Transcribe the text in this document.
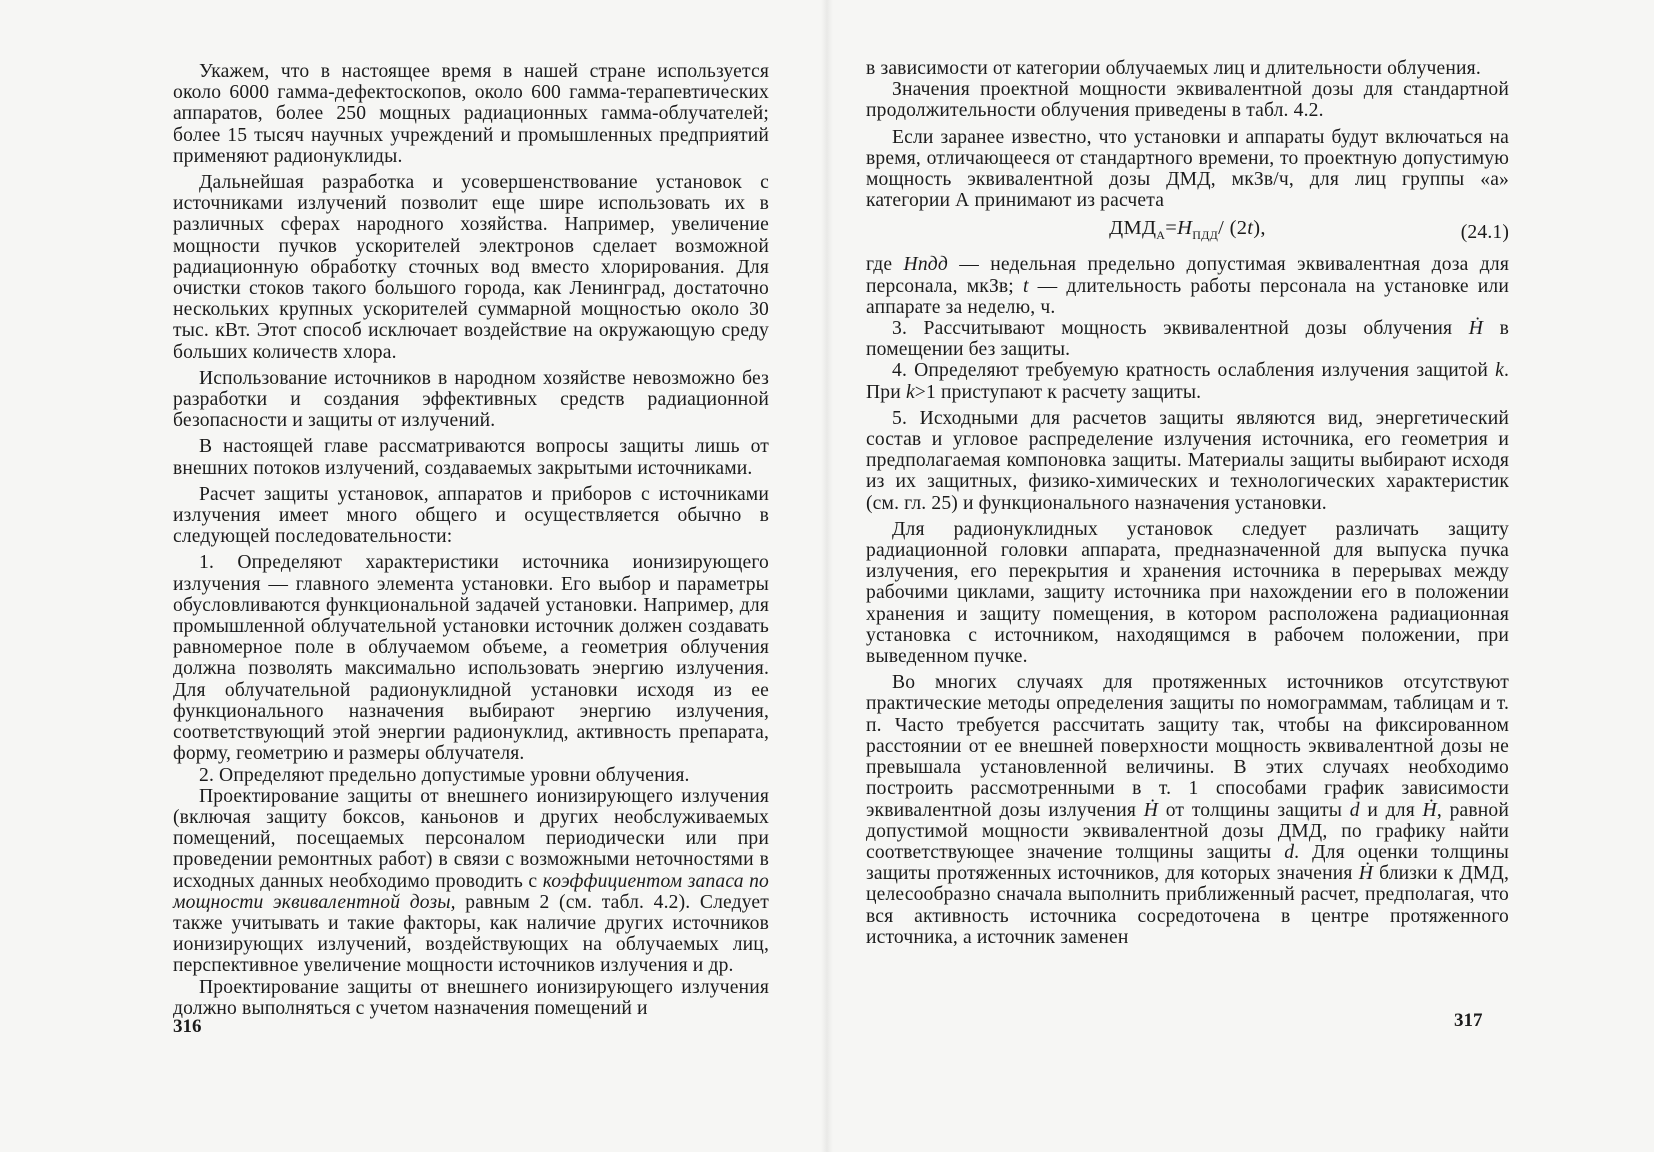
Укажем, что в настоящее время в нашей стране используется около 6000 гамма-дефектоскопов, около 600 гамма-терапевтических аппаратов, более 250 мощных радиационных гамма-облучателей; более 15 тысяч научных учреждений и промышленных предприятий применяют радионуклиды.

Дальнейшая разработка и усовершенствование установок с источниками излучений позволит еще шире использовать их в различных сферах народного хозяйства. Например, увеличение мощности пучков ускорителей электронов сделает возможной радиационную обработку сточных вод вместо хлорирования. Для очистки стоков такого большого города, как Ленинград, достаточно нескольких крупных ускорителей суммарной мощностью около 30 тыс. кВт. Этот способ исключает воздействие на окружающую среду больших количеств хлора.

Использование источников в народном хозяйстве невозможно без разработки и создания эффективных средств радиационной безопасности и защиты от излучений.

В настоящей главе рассматриваются вопросы защиты лишь от внешних потоков излучений, создаваемых закрытыми источниками.

Расчет защиты установок, аппаратов и приборов с источниками излучения имеет много общего и осуществляется обычно в следующей последовательности:

1. Определяют характеристики источника ионизирующего излучения — главного элемента установки. Его выбор и параметры обусловливаются функциональной задачей установки. Например, для промышленной облучательной установки источник должен создавать равномерное поле в облучаемом объеме, а геометрия облучения должна позволять максимально использовать энергию излучения. Для облучательной радионуклидной установки исходя из ее функционального назначения выбирают энергию излучения, соответствующий этой энергии радионуклид, активность препарата, форму, геометрию и размеры облучателя.

2. Определяют предельно допустимые уровни облучения.

Проектирование защиты от внешнего ионизирующего излучения (включая защиту боксов, каньонов и других необслуживаемых помещений, посещаемых персоналом периодически или при проведении ремонтных работ) в связи с возможными неточностями в исходных данных необходимо проводить с коэффициентом запаса по мощности эквивалентной дозы, равным 2 (см. табл. 4.2). Следует также учитывать и такие факторы, как наличие других источников ионизирующих излучений, воздействующих на облучаемых лиц, перспективное увеличение мощности источников излучения и др.

Проектирование защиты от внешнего ионизирующего излучения должно выполняться с учетом назначения помещений и

316

в зависимости от категории облучаемых лиц и длительности облучения.

Значения проектной мощности эквивалентной дозы для стандартной продолжительности облучения приведены в табл. 4.2.

Если заранее известно, что установки и аппараты будут включаться на время, отличающееся от стандартного времени, то проектную допустимую мощность эквивалентной дозы ДМД, мкЗв/ч, для лиц группы «а» категории А принимают из расчета

$ДМД_A=H_{ПДД}/$ (2t),	(24.1)

где Hпдд — недельная предельно допустимая эквивалентная доза для персонала, мкЗв; t — длительность работы персонала на установке или аппарате за неделю, ч.

3. Рассчитывают мощность эквивалентной дозы облучения Ḣ в помещении без защиты.

4. Определяют требуемую кратность ослабления излучения защитой k. При k>1 приступают к расчету защиты.

5. Исходными для расчетов защиты являются вид, энергетический состав и угловое распределение излучения источника, его геометрия и предполагаемая компоновка защиты. Материалы защиты выбирают исходя из их защитных, физико-химических и технологических характеристик (см. гл. 25) и функционального назначения установки.

Для радионуклидных установок следует различать защиту радиационной головки аппарата, предназначенной для выпуска пучка излучения, его перекрытия и хранения источника в перерывах между рабочими циклами, защиту источника при нахождении его в положении хранения и защиту помещения, в котором расположена радиационная установка с источником, находящимся в рабочем положении, при выведенном пучке.

Во многих случаях для протяженных источников отсутствуют практические методы определения защиты по номограммам, таблицам и т. п. Часто требуется рассчитать защиту так, чтобы на фиксированном расстоянии от ее внешней поверхности мощность эквивалентной дозы не превышала установленной величины. В этих случаях необходимо построить рассмотренными в т. 1 способами график зависимости эквивалентной дозы излучения Ḣ от толщины защиты d и для Ḣ, равной допустимой мощности эквивалентной дозы ДМД, по графику найти соответствующее значение толщины защиты d. Для оценки толщины защиты протяженных источников, для которых значения Ḣ близки к ДМД, целесообразно сначала выполнить приближенный расчет, предполагая, что вся активность источника сосредоточена в центре протяженного источника, а источник заменен

317
